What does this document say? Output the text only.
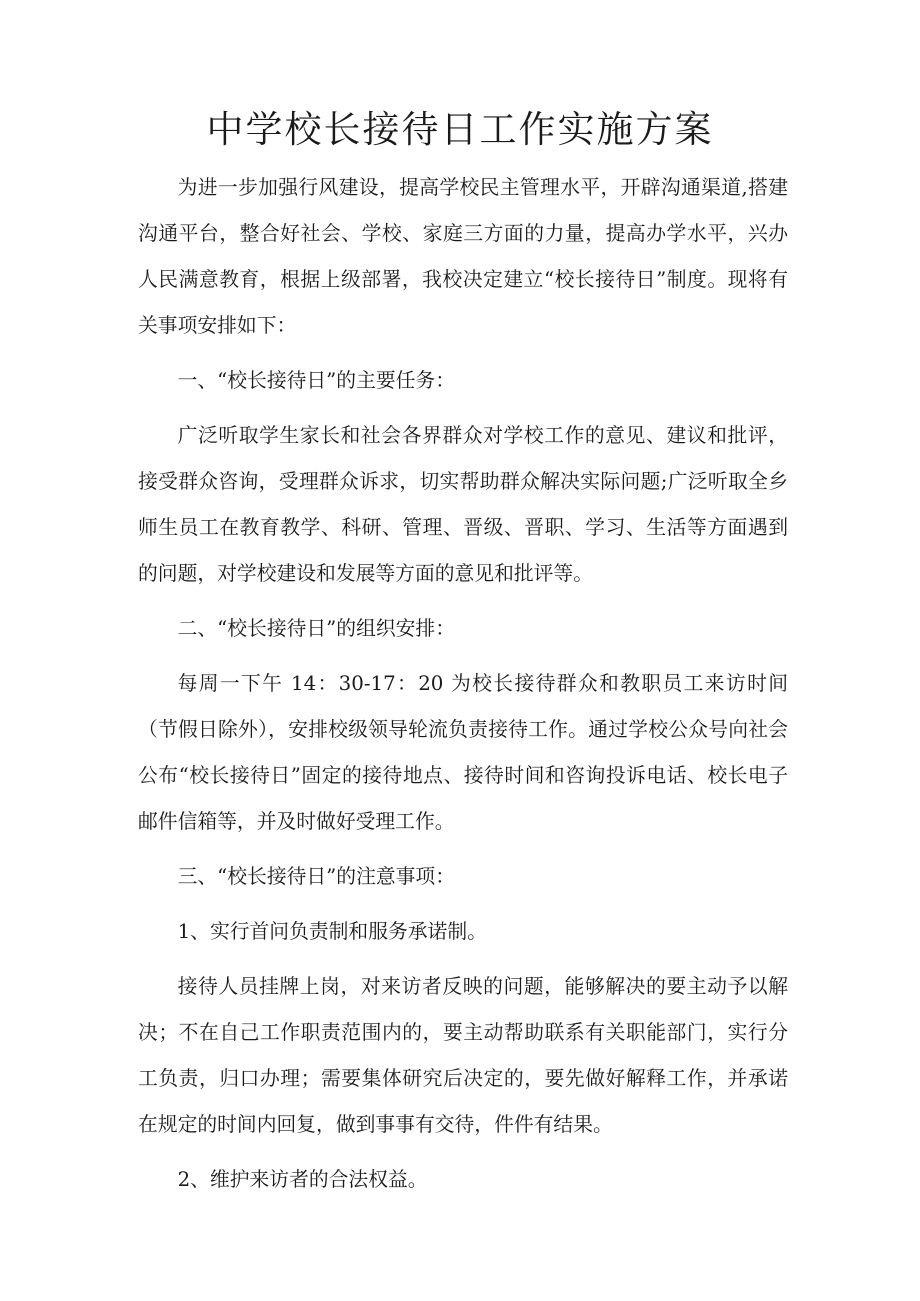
中学校长接待日工作实施方案

为进一步加强行风建设，提高学校民主管理水平，开辟沟通渠道,搭建沟通平台，整合好社会、学校、家庭三方面的力量，提高办学水平，兴办人民满意教育，根据上级部署，我校决定建立“校长接待日”制度。现将有关事项安排如下：

一、“校长接待日”的主要任务：

广泛听取学生家长和社会各界群众对学校工作的意见、建议和批评，接受群众咨询，受理群众诉求，切实帮助群众解决实际问题;广泛听取全乡师生员工在教育教学、科研、管理、晋级、晋职、学习、生活等方面遇到的问题，对学校建设和发展等方面的意见和批评等。

二、“校长接待日”的组织安排：

每周一下午 14：30-17：20 为校长接待群众和教职员工来访时间（节假日除外），安排校级领导轮流负责接待工作。通过学校公众号向社会公布“校长接待日”固定的接待地点、接待时间和咨询投诉电话、校长电子邮件信箱等，并及时做好受理工作。

三、“校长接待日”的注意事项：

1、实行首问负责制和服务承诺制。

接待人员挂牌上岗，对来访者反映的问题，能够解决的要主动予以解决；不在自己工作职责范围内的，要主动帮助联系有关职能部门，实行分工负责，归口办理；需要集体研究后决定的，要先做好解释工作，并承诺在规定的时间内回复，做到事事有交待，件件有结果。

2、维护来访者的合法权益。
